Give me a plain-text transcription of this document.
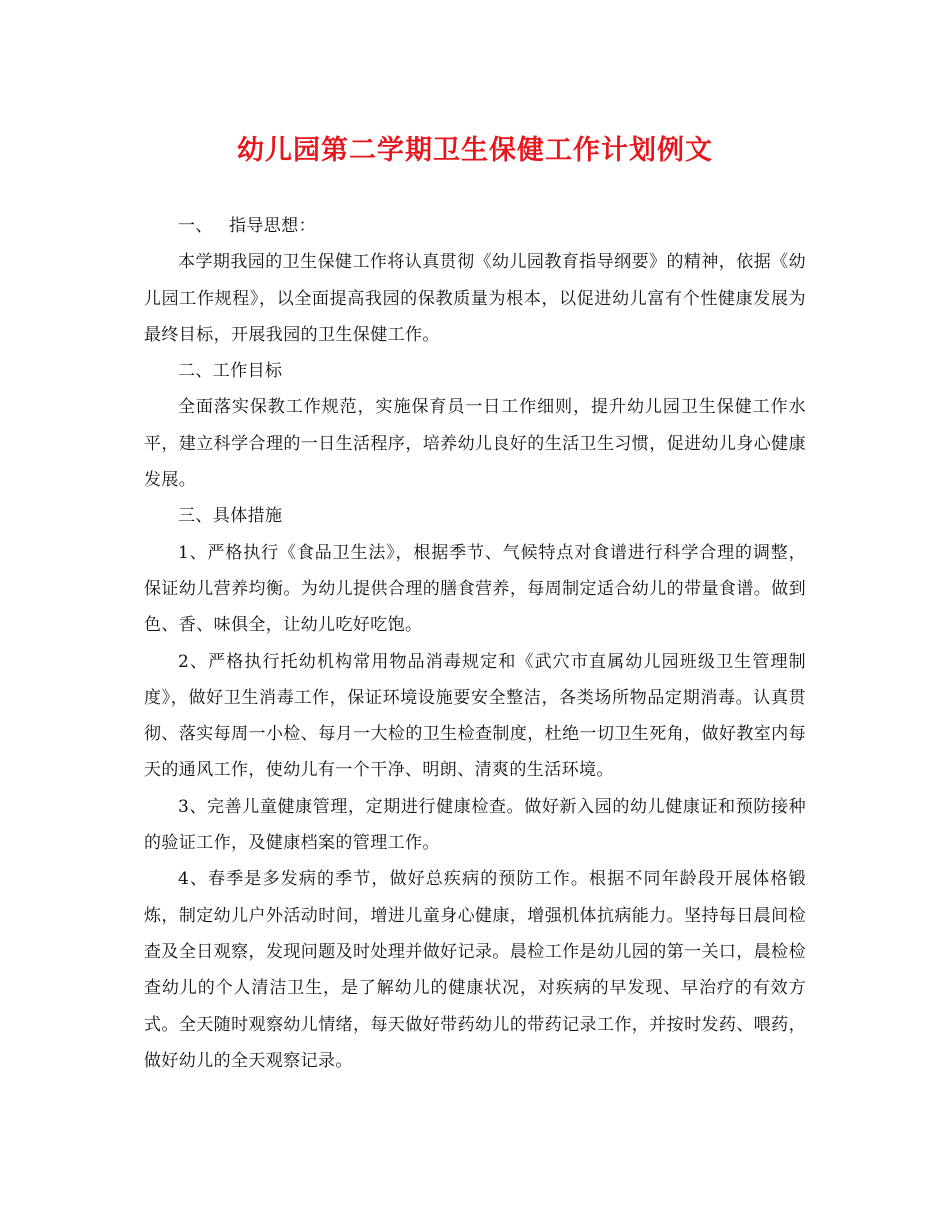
幼儿园第二学期卫生保健工作计划例文

一、 指导思想：

本学期我园的卫生保健工作将认真贯彻《幼儿园教育指导纲要》的精神，依据《幼儿园工作规程》，以全面提高我园的保教质量为根本，以促进幼儿富有个性健康发展为最终目标，开展我园的卫生保健工作。

二、工作目标

全面落实保教工作规范，实施保育员一日工作细则，提升幼儿园卫生保健工作水平，建立科学合理的一日生活程序，培养幼儿良好的生活卫生习惯，促进幼儿身心健康发展。

三、具体措施

1、严格执行《食品卫生法》，根据季节、气候特点对食谱进行科学合理的调整，保证幼儿营养均衡。为幼儿提供合理的膳食营养，每周制定适合幼儿的带量食谱。做到色、香、味俱全，让幼儿吃好吃饱。

2、严格执行托幼机构常用物品消毒规定和《武穴市直属幼儿园班级卫生管理制度》，做好卫生消毒工作，保证环境设施要安全整洁，各类场所物品定期消毒。认真贯彻、落实每周一小检、每月一大检的卫生检查制度，杜绝一切卫生死角，做好教室内每天的通风工作，使幼儿有一个干净、明朗、清爽的生活环境。

3、完善儿童健康管理，定期进行健康检查。做好新入园的幼儿健康证和预防接种的验证工作，及健康档案的管理工作。

4、春季是多发病的季节，做好总疾病的预防工作。根据不同年龄段开展体格锻炼，制定幼儿户外活动时间，增进儿童身心健康，增强机体抗病能力。坚持每日晨间检查及全日观察，发现问题及时处理并做好记录。晨检工作是幼儿园的第一关口，晨检检查幼儿的个人清洁卫生，是了解幼儿的健康状况，对疾病的早发现、早治疗的有效方式。全天随时观察幼儿情绪，每天做好带药幼儿的带药记录工作，并按时发药、喂药，做好幼儿的全天观察记录。
